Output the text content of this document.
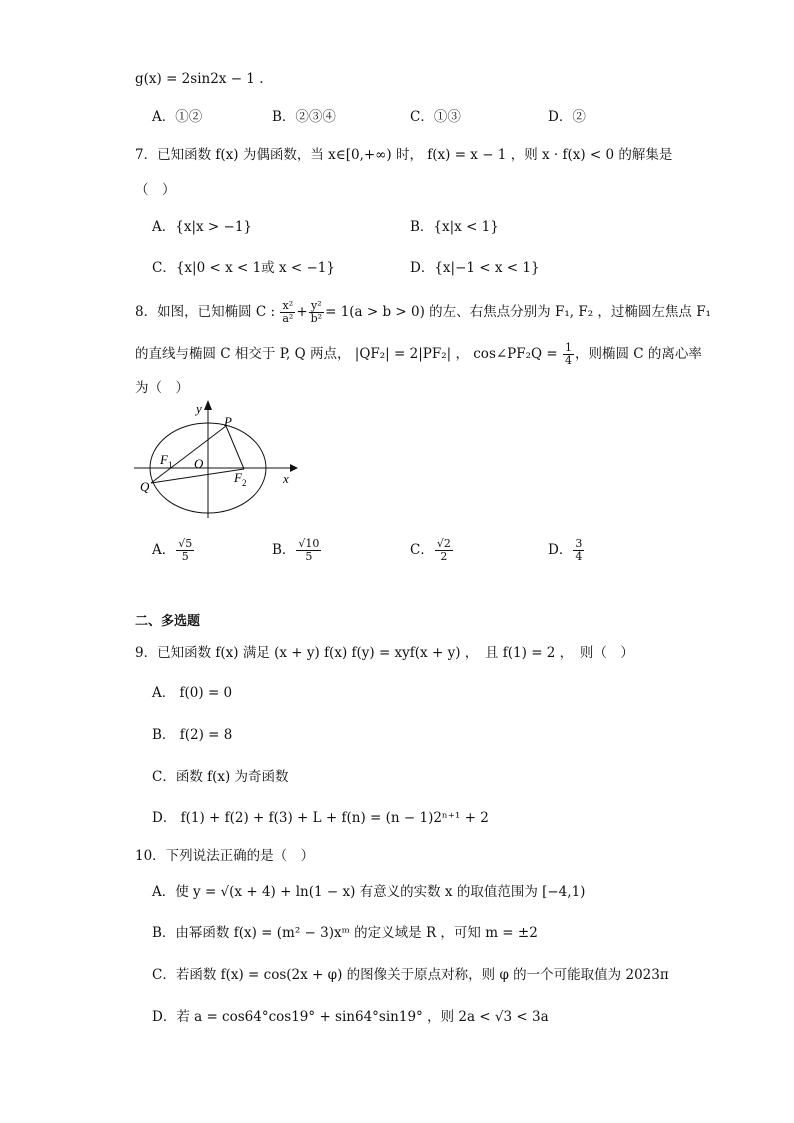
g(x) = 2sin2x − 1 .
A．①②	B．②③④	C．①③	D．②
7．已知函数 f(x) 为偶函数，当 x∈[0,+∞) 时， f(x) = x − 1 ，则 x · f(x) < 0 的解集是
（　）
A．{x|x > −1}	B．{x|x < 1}
C．{x|0 < x < 1或 x < −1}	D．{x|−1 < x < 1}
8．如图，已知椭圆 C : $\frac{\text{x²}}{\text{a²}} + \frac{\text{y²}}{\text{b²}} = 1(a > b > 0)$ 的左、右焦点分别为 F₁, F₂ ，过椭圆左焦点 F₁
的直线与椭圆 C 相交于 P, Q 两点， |QF₂| = 2|PF₂| ， cos∠PF₂Q = $\frac{1}{4}$ ，则椭圆 C 的离心率
为（　）
y
x
P
Q
O
F 1
F 2
A． $\frac{√5}{5}$	B． $\frac{√10}{5}$	C． $\frac{√2}{2}$	D． $\frac{3}{4}$
二、多选题
9．已知函数 f(x) 满足 (x + y) f(x) f(y) = xyf(x + y) ，　且 f(1) = 2 ，　则（　）
A． f(0) = 0
B． f(2) = 8
C．函数 f(x) 为奇函数
D． f(1) + f(2) + f(3) + L + f(n) = (n − 1)2ⁿ⁺¹ + 2
10．下列说法正确的是（　）
A．使 y = √(x + 4) + ln(1 − x) 有意义的实数 x 的取值范围为 [−4,1)
B．由幂函数 f(x) = (m² − 3)xᵐ 的定义域是 R ，可知 m = ±2
C．若函数 f(x) = cos(2x + φ) 的图像关于原点对称，则 φ 的一个可能取值为 2023π
D．若 a = cos64°cos19° + sin64°sin19° ，则 2a < √3 < 3a
